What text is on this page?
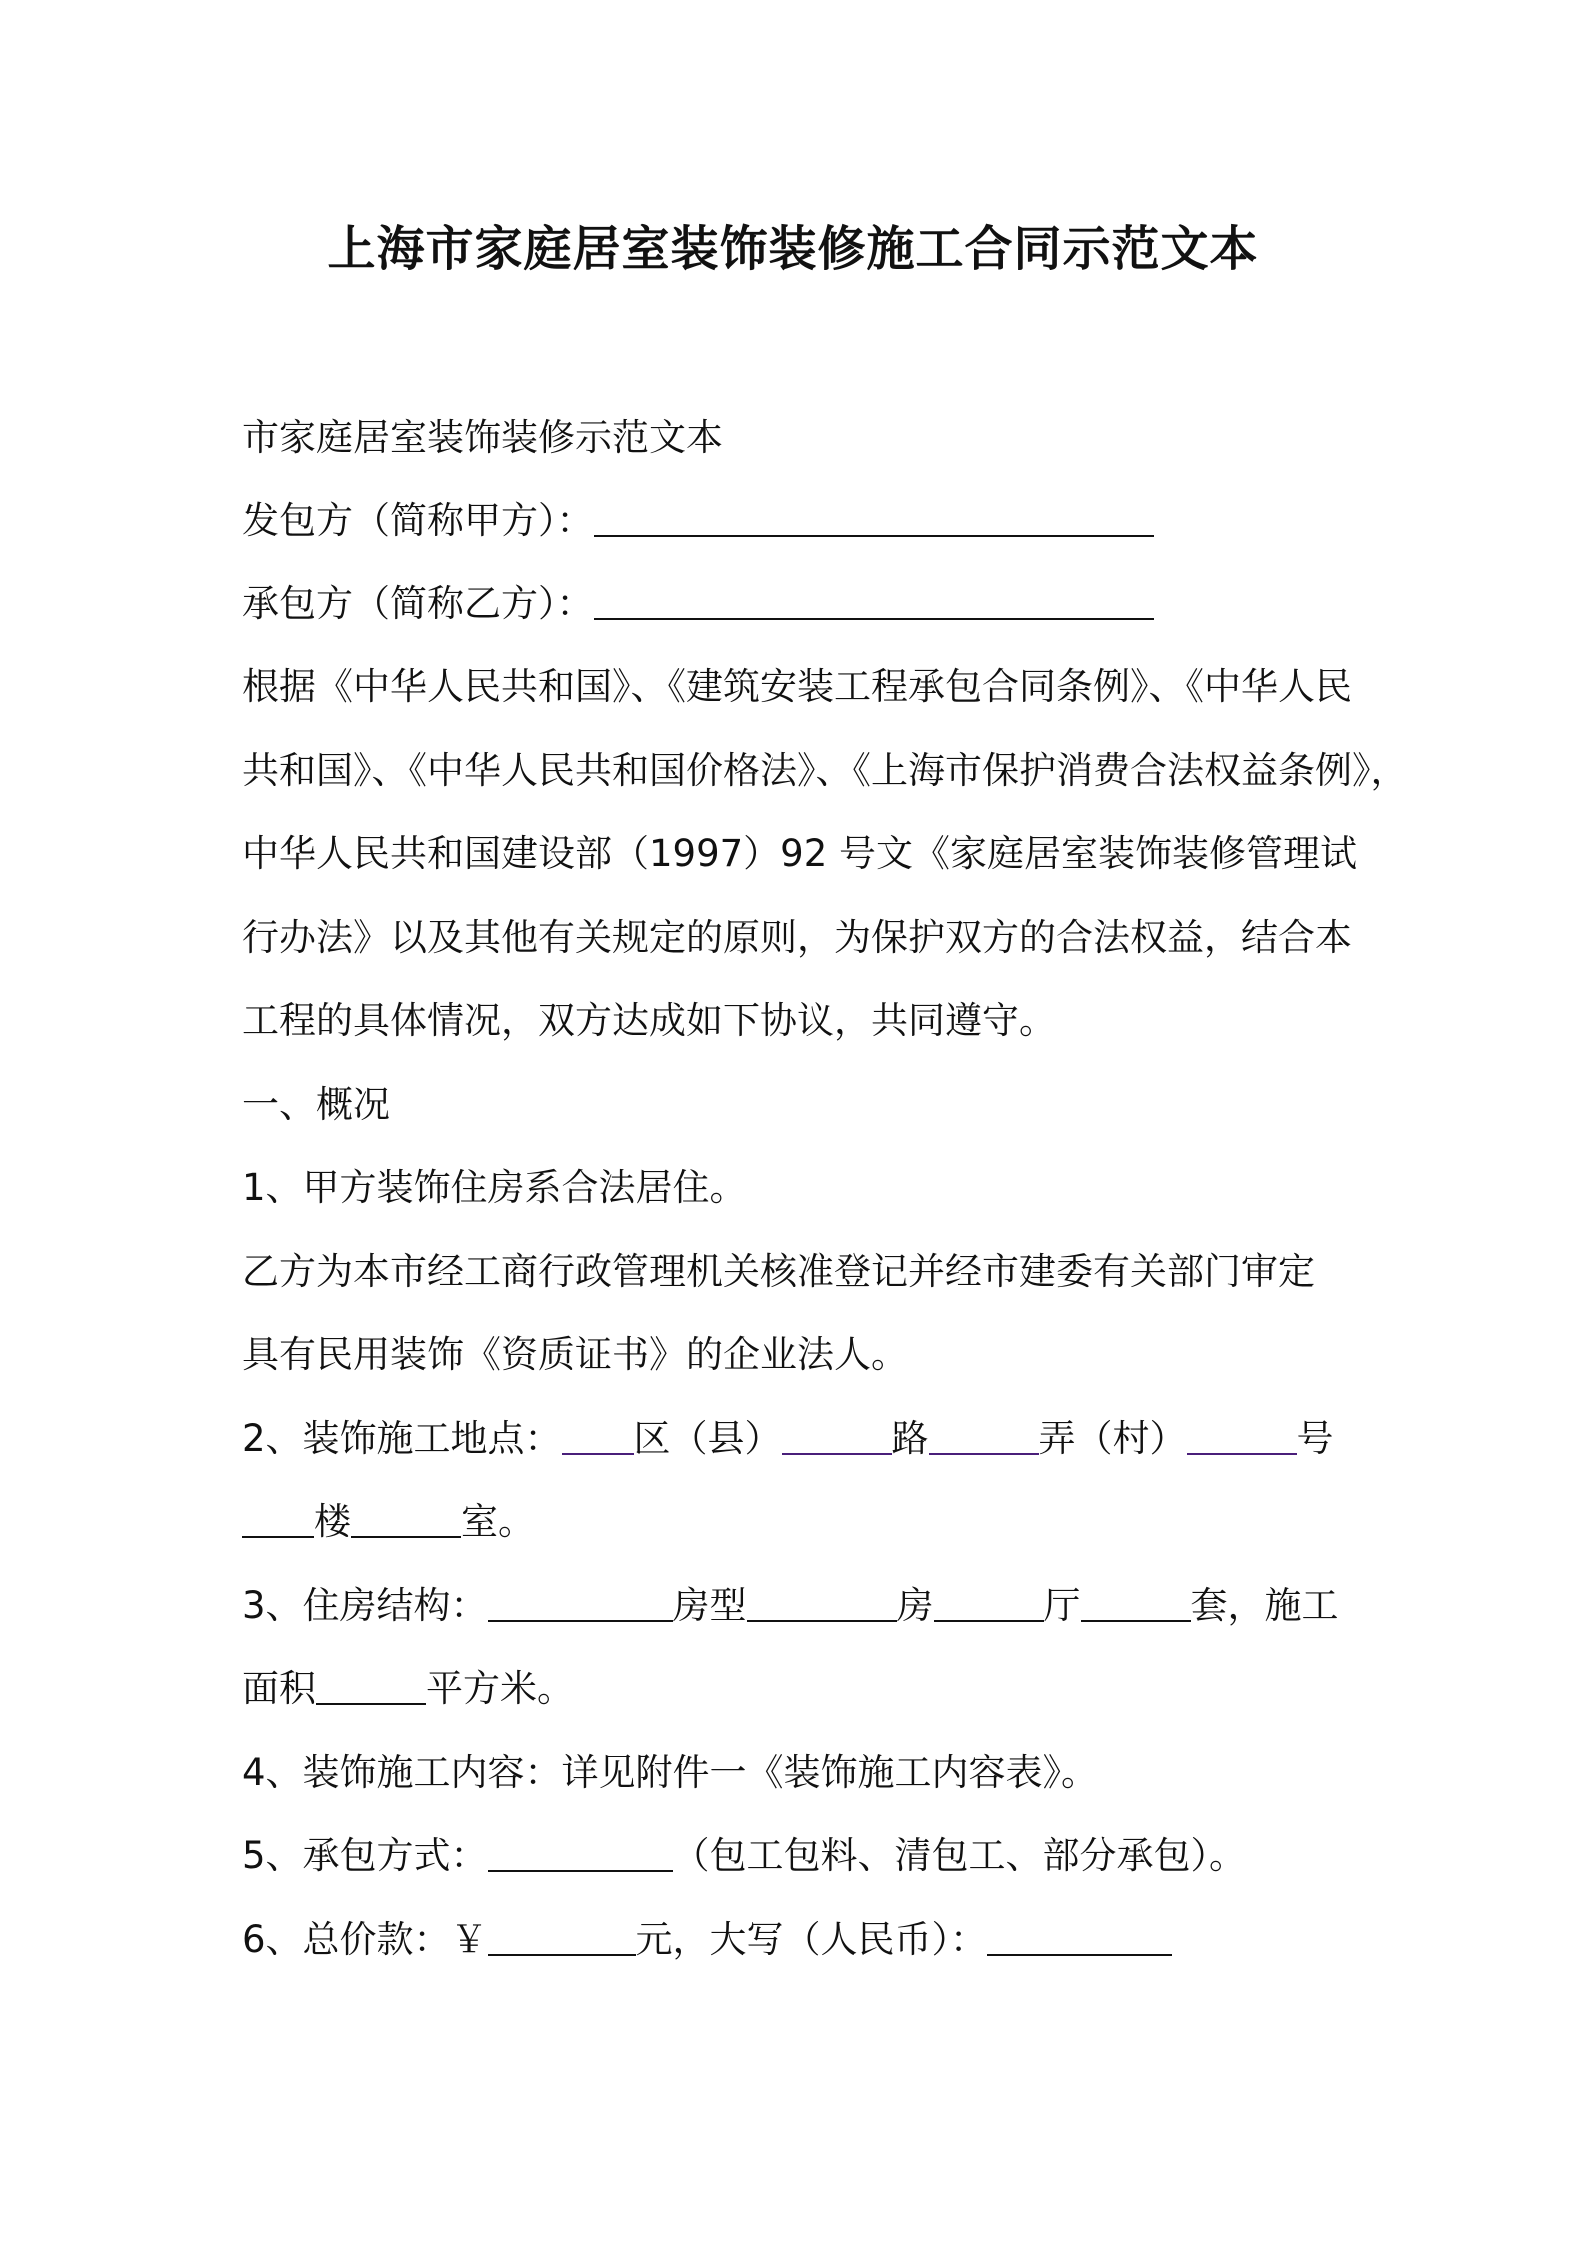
上海市家庭居室装饰装修施工合同示范文本
市家庭居室装饰装修示范文本
发包方（简称甲方）：
承包方（简称乙方）：
根据《中华人民共和国》、《建筑安装工程承包合同条例》、《中华人民
共和国》、《中华人民共和国价格法》、《上海市保护消费合法权益条例》，
中华人民共和国建设部（1997）92 号文《家庭居室装饰装修管理试
行办法》以及其他有关规定的原则，为保护双方的合法权益，结合本
工程的具体情况，双方达成如下协议，共同遵守。
一、概况
1、甲方装饰住房系合法居住。
乙方为本市经工商行政管理机关核准登记并经市建委有关部门审定
具有民用装饰《资质证书》的企业法人。
2、装饰施工地点： 区（县）	路	弄（村）	号
楼	室。
3、住房结构：	房型	房	厅	套，施工
面积	平方米。
4、装饰施工内容：详见附件一《装饰施工内容表》。
5、承包方式：	（包工包料、清包工、部分承包）。
6、总价款：￥	元，大写（人民币）：
